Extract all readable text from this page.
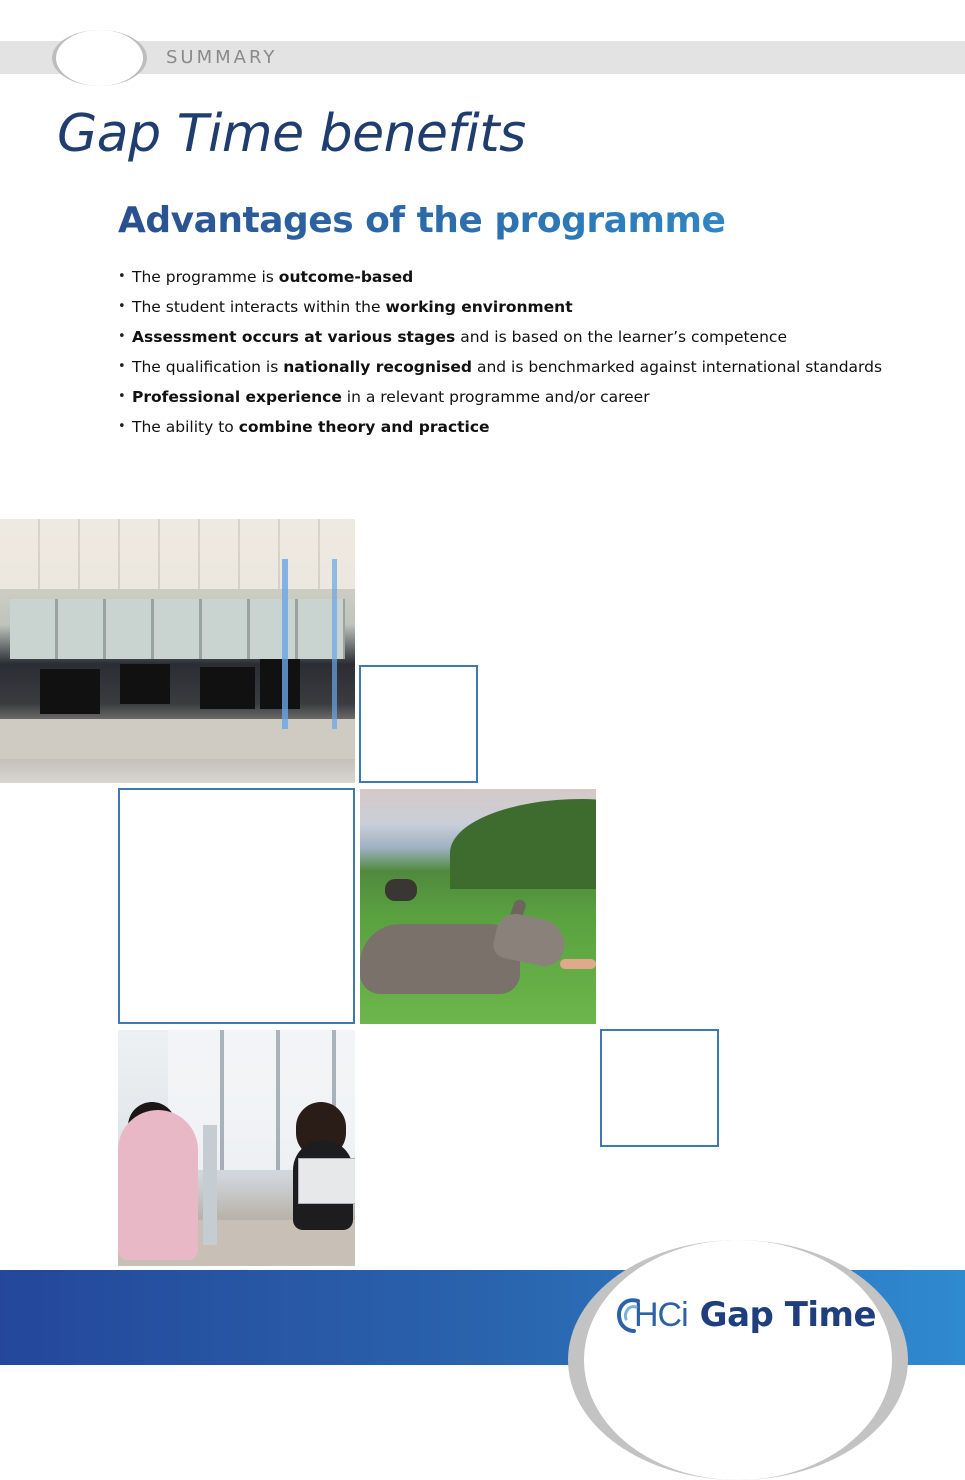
SUMMARY
Gap Time benefits
Advantages of the programme
• The programme is outcome-based
• The student interacts within the working environment
• Assessment occurs at various stages and is based on the learner’s competence
• The qualification is nationally recognised and is benchmarked against international standards
• Professional experience in a relevant programme and/or career
• The ability to combine theory and practice
HCi Gap Time
